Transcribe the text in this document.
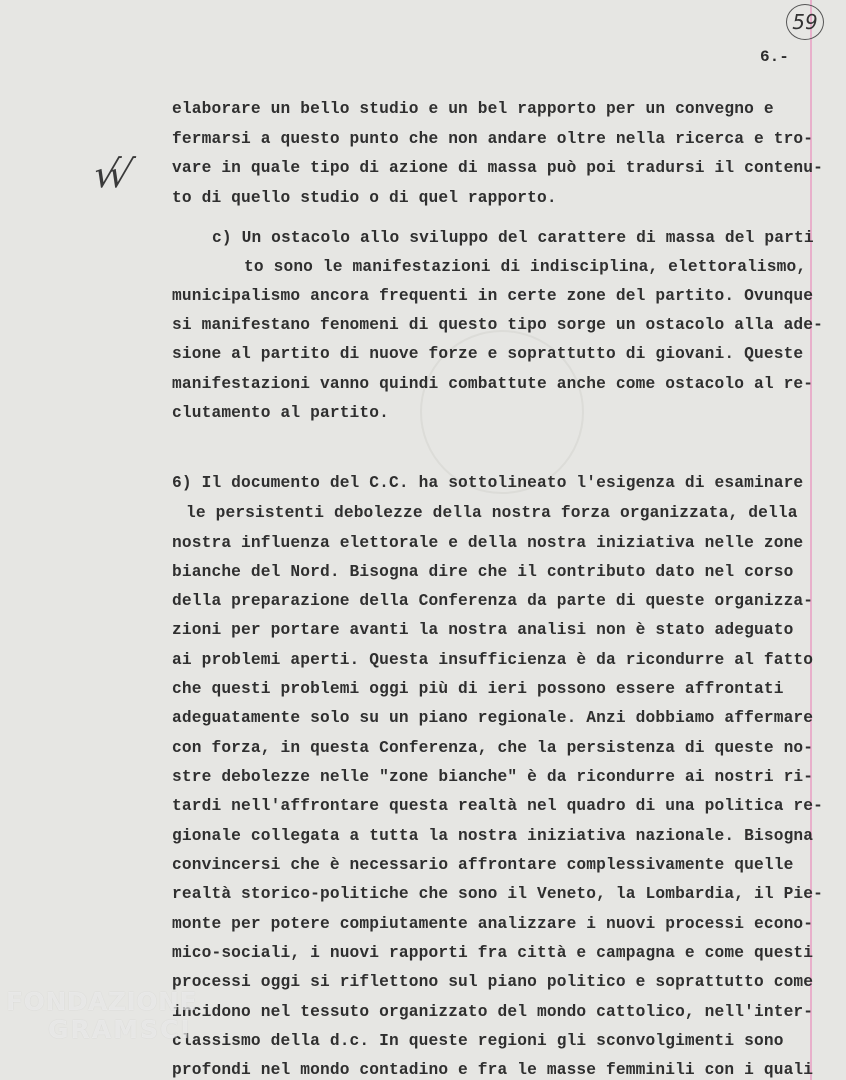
59
6.-
√√
elaborare un bello studio e un bel rapporto per un convegno e
fermarsi a questo punto che non andare oltre nella ricerca e tro-
vare in quale tipo di azione di massa può poi tradursi il contenu-
to di quello studio o di quel rapporto.
c) Un ostacolo allo sviluppo del carattere di massa del parti
to sono le manifestazioni di indisciplina, elettoralismo,
municipalismo ancora frequenti in certe zone del partito. Ovunque
si manifestano fenomeni di questo tipo sorge un ostacolo alla ade-
sione al partito di nuove forze e soprattutto di giovani. Queste
manifestazioni vanno quindi combattute anche come ostacolo al re-
clutamento al partito.
6) Il documento del C.C. ha sottolineato l'esigenza di esaminare
le persistenti debolezze della nostra forza organizzata, della
nostra influenza elettorale e della nostra iniziativa nelle zone
bianche del Nord. Bisogna dire che il contributo dato nel corso
della preparazione della Conferenza da parte di queste organizza-
zioni per portare avanti la nostra analisi non è stato adeguato
ai problemi aperti. Questa insufficienza è da ricondurre al fatto
che questi problemi oggi più di ieri possono essere affrontati
adeguatamente solo su un piano regionale. Anzi dobbiamo affermare
con forza, in questa Conferenza, che la persistenza di queste no-
stre debolezze nelle "zone bianche" è da ricondurre ai nostri ri-
tardi nell'affrontare questa realtà nel quadro di una politica re-
gionale collegata a tutta la nostra iniziativa nazionale. Bisogna
convincersi che è necessario affrontare complessivamente quelle
realtà storico-politiche che sono il Veneto, la Lombardia, il Pie-
monte per potere compiutamente analizzare i nuovi processi econo-
mico-sociali, i nuovi rapporti fra città e campagna e come questi
processi oggi si riflettono sul piano politico e soprattutto come
incidono nel tessuto organizzato del mondo cattolico, nell'inter-
classismo della d.c. In queste regioni gli sconvolgimenti sono
profondi nel mondo contadino e fra le masse femminili con i quali
FONDAZIONE
GRAMSCI
